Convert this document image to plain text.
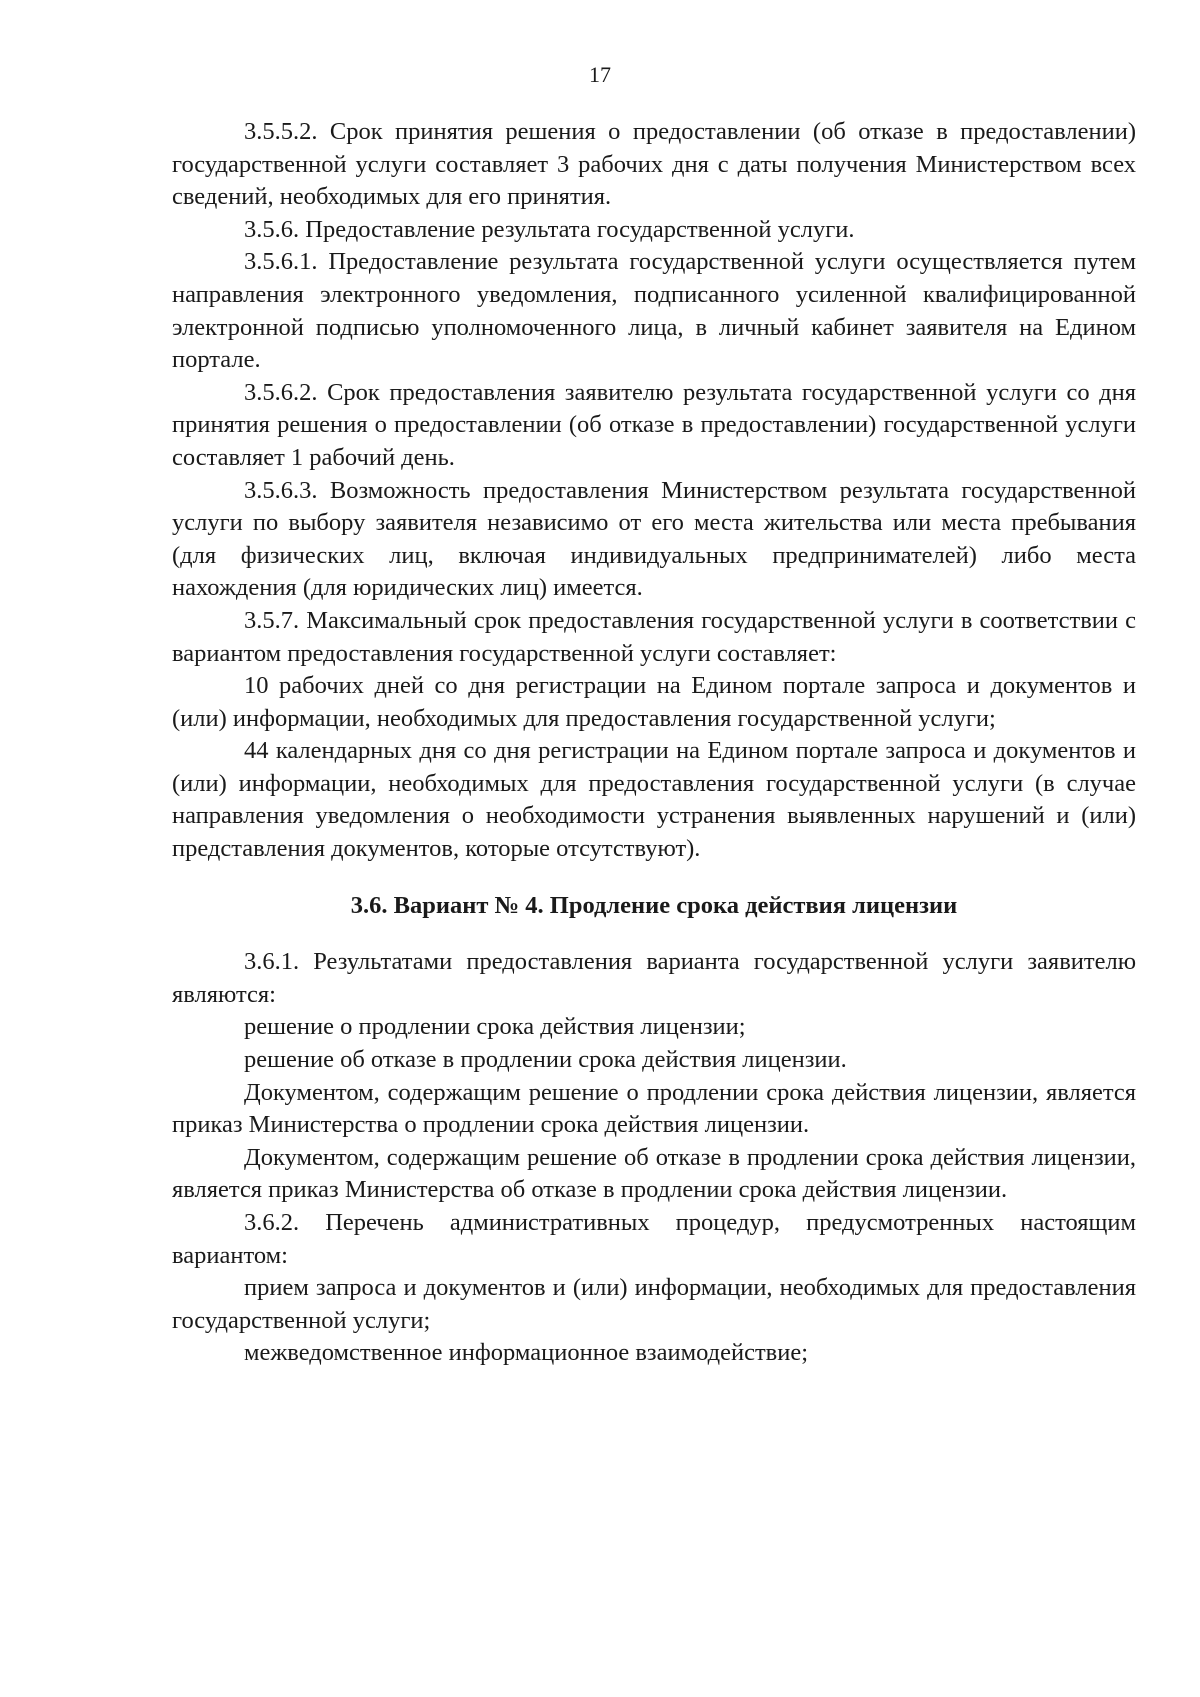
17

3.5.5.2. Срок принятия решения о предоставлении (об отказе в предоставлении) государственной услуги составляет 3 рабочих дня с даты получения Министерством всех сведений, необходимых для его принятия.

3.5.6. Предоставление результата государственной услуги.

3.5.6.1. Предоставление результата государственной услуги осуществляется путем направления электронного уведомления, подписанного усиленной квалифицированной электронной подписью уполномоченного лица, в личный кабинет заявителя на Едином портале.

3.5.6.2. Срок предоставления заявителю результата государственной услуги со дня принятия решения о предоставлении (об отказе в предоставлении) государственной услуги составляет 1 рабочий день.

3.5.6.3. Возможность предоставления Министерством результата государственной услуги по выбору заявителя независимо от его места жительства или места пребывания (для физических лиц, включая индивидуальных предпринимателей) либо места нахождения (для юридических лиц) имеется.

3.5.7. Максимальный срок предоставления государственной услуги в соответствии с вариантом предоставления государственной услуги составляет:

10 рабочих дней со дня регистрации на Едином портале запроса и документов и (или) информации, необходимых для предоставления государственной услуги;

44 календарных дня со дня регистрации на Едином портале запроса и документов и (или) информации, необходимых для предоставления государственной услуги (в случае направления уведомления о необходимости устранения выявленных нарушений и (или) представления документов, которые отсутствуют).

3.6. Вариант № 4. Продление срока действия лицензии

3.6.1. Результатами предоставления варианта государственной услуги заявителю являются:

решение о продлении срока действия лицензии;

решение об отказе в продлении срока действия лицензии.

Документом, содержащим решение о продлении срока действия лицензии, является приказ Министерства о продлении срока действия лицензии.

Документом, содержащим решение об отказе в продлении срока действия лицензии, является приказ Министерства об отказе в продлении срока действия лицензии.

3.6.2. Перечень административных процедур, предусмотренных настоящим вариантом:

прием запроса и документов и (или) информации, необходимых для предоставления государственной услуги;

межведомственное информационное взаимодействие;
